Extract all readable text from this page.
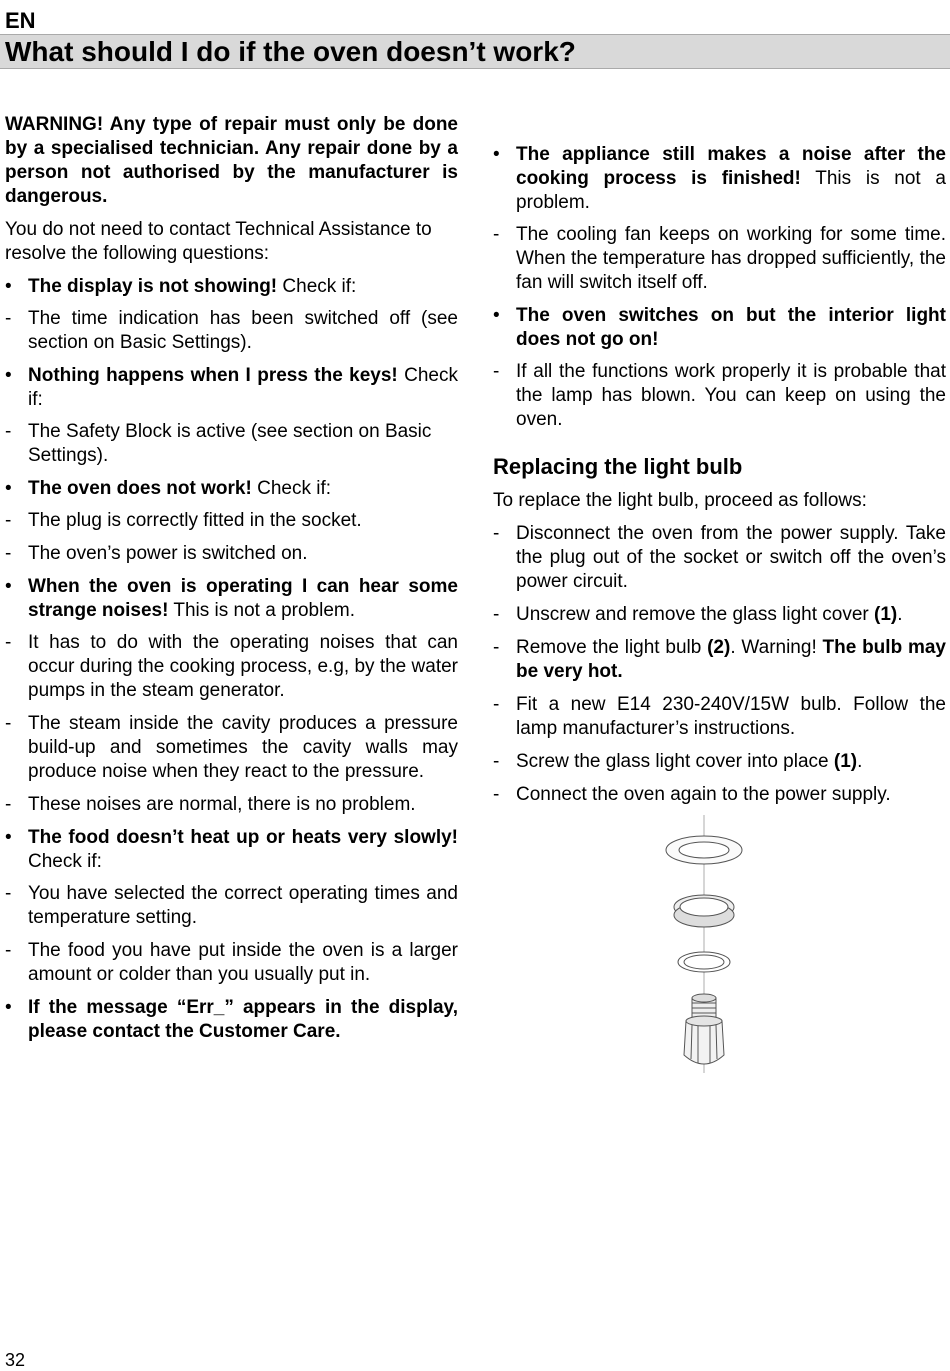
EN
What should I do if the oven doesn’t work?

WARNING! Any type of repair must only be done by a specialised technician. Any repair done by a person not authorised by the manufacturer is dangerous.

You do not need to contact Technical Assistance to resolve the following questions:

• The display is not showing! Check if:
- The time indication has been switched off (see section on Basic Settings).
• Nothing happens when I press the keys! Check if:
- The Safety Block is active (see section on Basic Settings).
• The oven does not work! Check if:
- The plug is correctly fitted in the socket.
- The oven’s power is switched on.
• When the oven is operating I can hear some strange noises! This is not a problem.
- It has to do with the operating noises that can occur during the cooking process, e.g, by the water pumps in the steam generator.
- The steam inside the cavity produces a pressure build-up and sometimes the cavity walls may produce noise when they react to the pressure.
- These noises are normal, there is no problem.
• The food doesn’t heat up or heats very slowly! Check if:
- You have selected the correct operating times and temperature setting.
- The food you have put inside the oven is a larger amount or colder than you usually put in.
• If the message “Err_” appears in the display, please contact the Customer Care.
• The appliance still makes a noise after the cooking process is finished! This is not a problem.
- The cooling fan keeps on working for some time. When the temperature has dropped sufficiently, the fan will switch itself off.
• The oven switches on but the interior light does not go on!
- If all the functions work properly it is probable that the lamp has blown. You can keep on using the oven.
Replacing the light bulb

To replace the light bulb, proceed as follows:

- Disconnect the oven from the power supply. Take the plug out of the socket or switch off the oven’s power circuit.
- Unscrew and remove the glass light cover (1).
- Remove the light bulb (2). Warning! The bulb may be very hot.
- Fit a new E14 230-240V/15W bulb. Follow the lamp manufacturer’s instructions.
- Screw the glass light cover into place (1).
- Connect the oven again to the power supply.
32
